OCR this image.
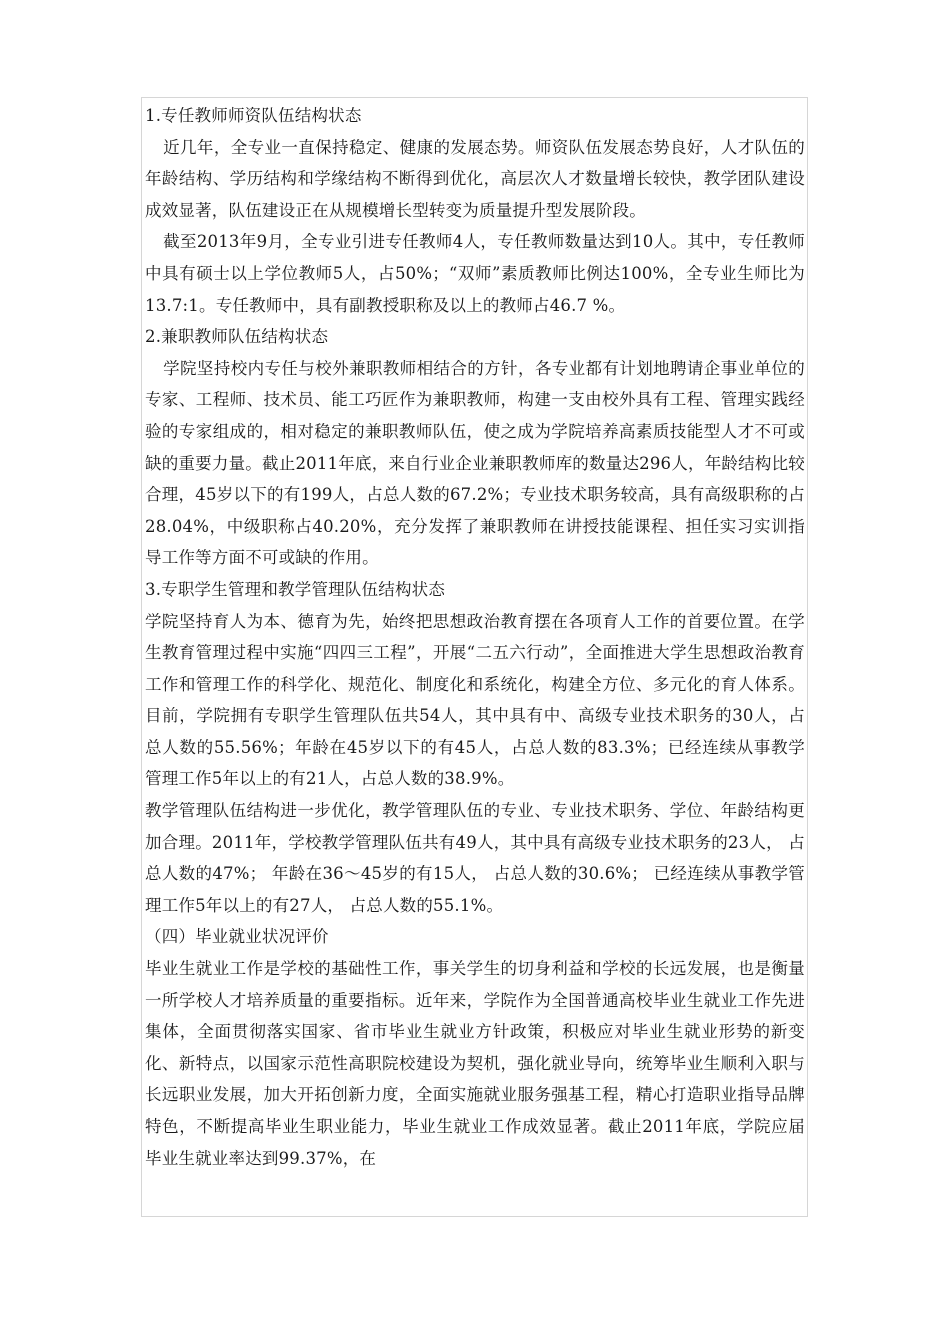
1.专任教师师资队伍结构状态

近几年，全专业一直保持稳定、健康的发展态势。师资队伍发展态势良好，人才队伍的年龄结构、学历结构和学缘结构不断得到优化，高层次人才数量增长较快，教学团队建设成效显著，队伍建设正在从规模增长型转变为质量提升型发展阶段。

截至2013年9月，全专业引进专任教师4人，专任教师数量达到10人。其中，专任教师中具有硕士以上学位教师5人，占50%；“双师”素质教师比例达100%，全专业生师比为13.7:1。专任教师中，具有副教授职称及以上的教师占46.7 %。

2.兼职教师队伍结构状态

学院坚持校内专任与校外兼职教师相结合的方针，各专业都有计划地聘请企事业单位的专家、工程师、技术员、能工巧匠作为兼职教师，构建一支由校外具有工程、管理实践经验的专家组成的，相对稳定的兼职教师队伍，使之成为学院培养高素质技能型人才不可或缺的重要力量。截止2011年底，来自行业企业兼职教师库的数量达296人，年龄结构比较合理，45岁以下的有199人，占总人数的67.2%；专业技术职务较高，具有高级职称的占28.04%，中级职称占40.20%，充分发挥了兼职教师在讲授技能课程、担任实习实训指导工作等方面不可或缺的作用。

3.专职学生管理和教学管理队伍结构状态

学院坚持育人为本、德育为先，始终把思想政治教育摆在各项育人工作的首要位置。在学生教育管理过程中实施“四四三工程”，开展“二五六行动”，全面推进大学生思想政治教育工作和管理工作的科学化、规范化、制度化和系统化，构建全方位、多元化的育人体系。目前，学院拥有专职学生管理队伍共54人，其中具有中、高级专业技术职务的30人，占总人数的55.56%；年龄在45岁以下的有45人，占总人数的83.3%；已经连续从事教学管理工作5年以上的有21人，占总人数的38.9%。

教学管理队伍结构进一步优化，教学管理队伍的专业、专业技术职务、学位、年龄结构更加合理。2011年，学校教学管理队伍共有49人，其中具有高级专业技术职务的23人， 占总人数的47%； 年龄在36～45岁的有15人， 占总人数的30.6%； 已经连续从事教学管理工作5年以上的有27人， 占总人数的55.1%。

（四）毕业就业状况评价

毕业生就业工作是学校的基础性工作，事关学生的切身利益和学校的长远发展，也是衡量一所学校人才培养质量的重要指标。近年来，学院作为全国普通高校毕业生就业工作先进集体，全面贯彻落实国家、省市毕业生就业方针政策，积极应对毕业生就业形势的新变化、新特点，以国家示范性高职院校建设为契机，强化就业导向，统筹毕业生顺利入职与长远职业发展，加大开拓创新力度，全面实施就业服务强基工程，精心打造职业指导品牌特色，不断提高毕业生职业能力，毕业生就业工作成效显著。截止2011年底，学院应届毕业生就业率达到99.37%，在
